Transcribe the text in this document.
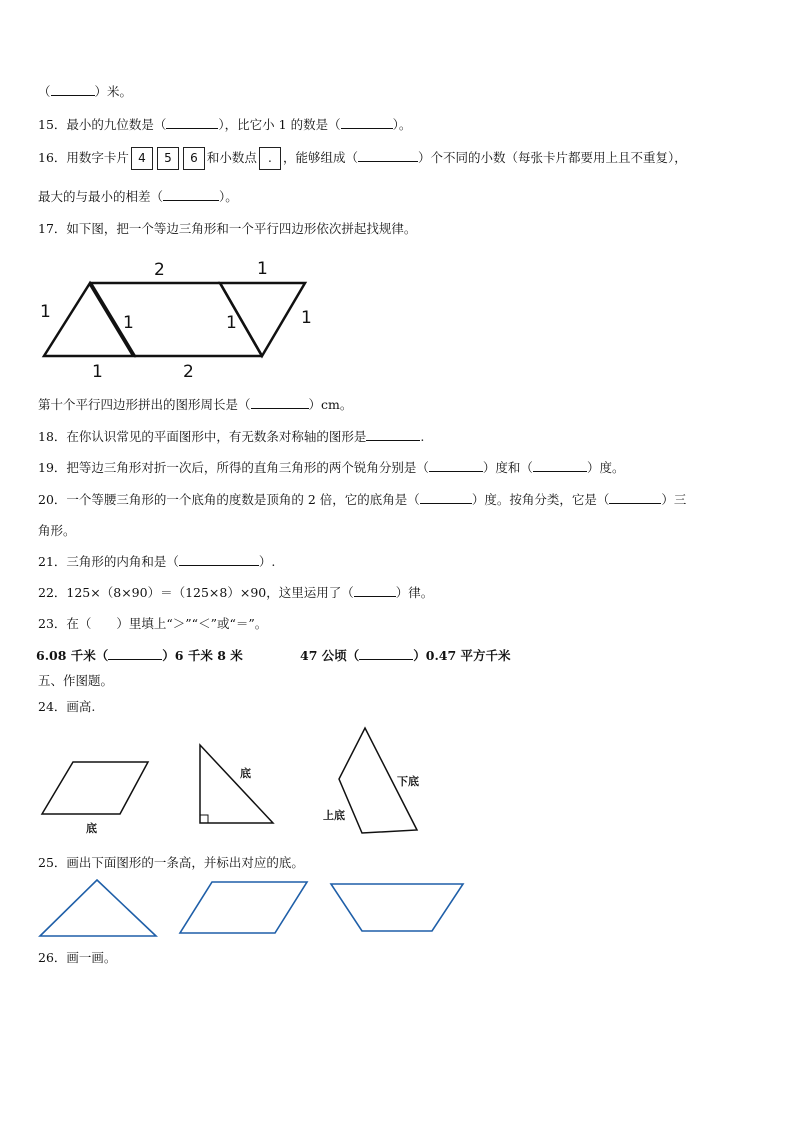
（	）米。
15．最小的九位数是（	），比它小 1 的数是（	）。
16．用数字卡片 4 5 6 和小数点 . ，能够组成（	）个不同的小数（每张卡片都要用上且不重复），
最大的与最小的相差（	）。
17．如下图，把一个等边三角形和一个平行四边形依次拼起找规律。
2	1
1
1	1	1
1	2
底
底
下底
上底
第十个平行四边形拼出的图形周长是（	）cm。
18．在你认识常见的平面图形中，有无数条对称轴的图形是	.
19．把等边三角形对折一次后，所得的直角三角形的两个锐角分别是（	）度和（	）度。
20．一个等腰三角形的一个底角的度数是顶角的 2 倍，它的底角是（	）度。按角分类，它是（	）三
角形。
21．三角形的内角和是（	）.
22．125×（8×90）＝（125×8）×90，这里运用了（	）律。
23．在（　　）里填上“＞”“＜”或“＝”。
6.08 千米（	）6 千米 8 米	47 公顷（	）0.47 平方千米
五、作图题。
24．画高.
25．画出下面图形的一条高，并标出对应的底。
26．画一画。
